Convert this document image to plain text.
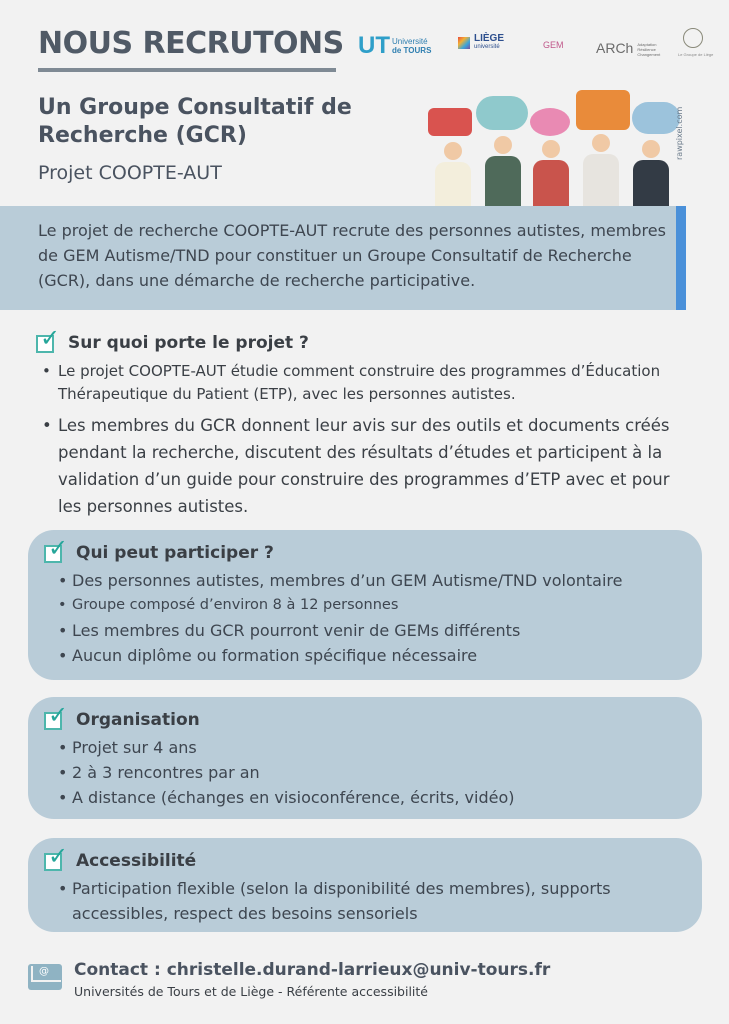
NOUS RECRUTONS UT Université
de TOURS
LIÈGE
université	GEM ARCh Adaptation Résilience Changement	Le Groupe de Liège
Un Groupe Consultatif de Recherche (GCR)
Projet COOPTE-AUT
rawpixel.com

Le projet de recherche COOPTE-AUT recrute des personnes autistes, membres de GEM Autisme/TND pour constituer un Groupe Consultatif de Recherche (GCR), dans une démarche de recherche participative.

✓ Sur quoi porte le projet ?
• Le projet COOPTE-AUT étudie comment construire des programmes d’Éducation Thérapeutique du Patient (ETP), avec les personnes autistes.
• Les membres du GCR donnent leur avis sur des outils et documents créés pendant la recherche, discutent des résultats d’études et participent à la validation d’un guide pour construire des programmes d’ETP avec et pour les personnes autistes.
✓ Qui peut participer ?
• Des personnes autistes, membres d’un GEM Autisme/TND volontaire
• Groupe composé d’environ 8 à 12 personnes
• Les membres du GCR pourront venir de GEMs différents
• Aucun diplôme ou formation spécifique nécessaire
✓ Organisation
• Projet sur 4 ans
• 2 à 3 rencontres par an
• A distance (échanges en visioconférence, écrits, vidéo)
✓ Accessibilité
• Participation flexible (selon la disponibilité des membres), supports accessibles, respect des besoins sensoriels
@ Contact : christelle.durand-larrieux@univ-tours.fr
Universités de Tours et de Liège - Référente accessibilité
